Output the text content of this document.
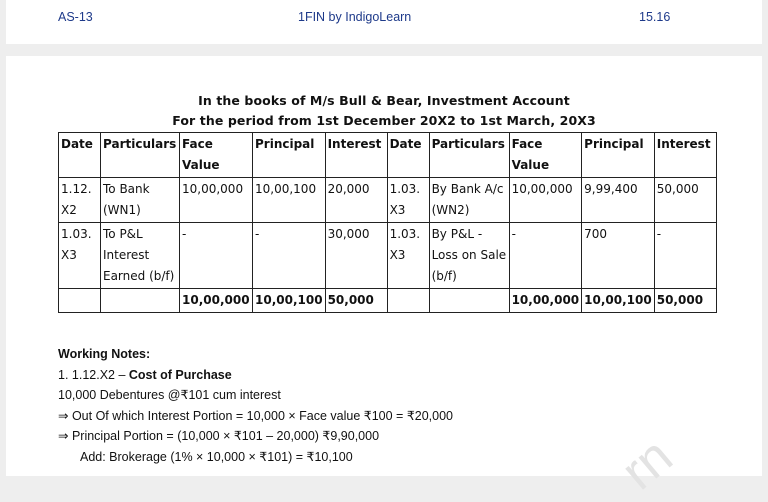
AS-13	1FIN by IndigoLearn	15.16
In the books of M/s Bull & Bear, Investment Account
For the period from 1st December 20X2 to 1st March, 20X3
Date	Particulars	Face Value	Principal	Interest	Date	Particulars	Face Value	Principal	Interest
1.12. X2	To Bank (WN1)	10,00,000	10,00,100	20,000	1.03. X3	By Bank A/c (WN2)	10,00,000	9,99,400	50,000
1.03. X3	To P&L Interest Earned (b/f)	-	-	30,000	1.03. X3	By P&L - Loss on Sale (b/f)	-	700	-
		10,00,000	10,00,100	50,000			10,00,000	10,00,100	50,000
Working Notes:
1. 1.12.X2 – Cost of Purchase
10,000 Debentures @₹101 cum interest
⇒ Out Of which Interest Portion = 10,000 × Face value ₹100 = ₹20,000
⇒ Principal Portion = (10,000 × ₹101 – 20,000) ₹9,90,000
Add: Brokerage (1% × 10,000 × ₹101) = ₹10,100	rn
